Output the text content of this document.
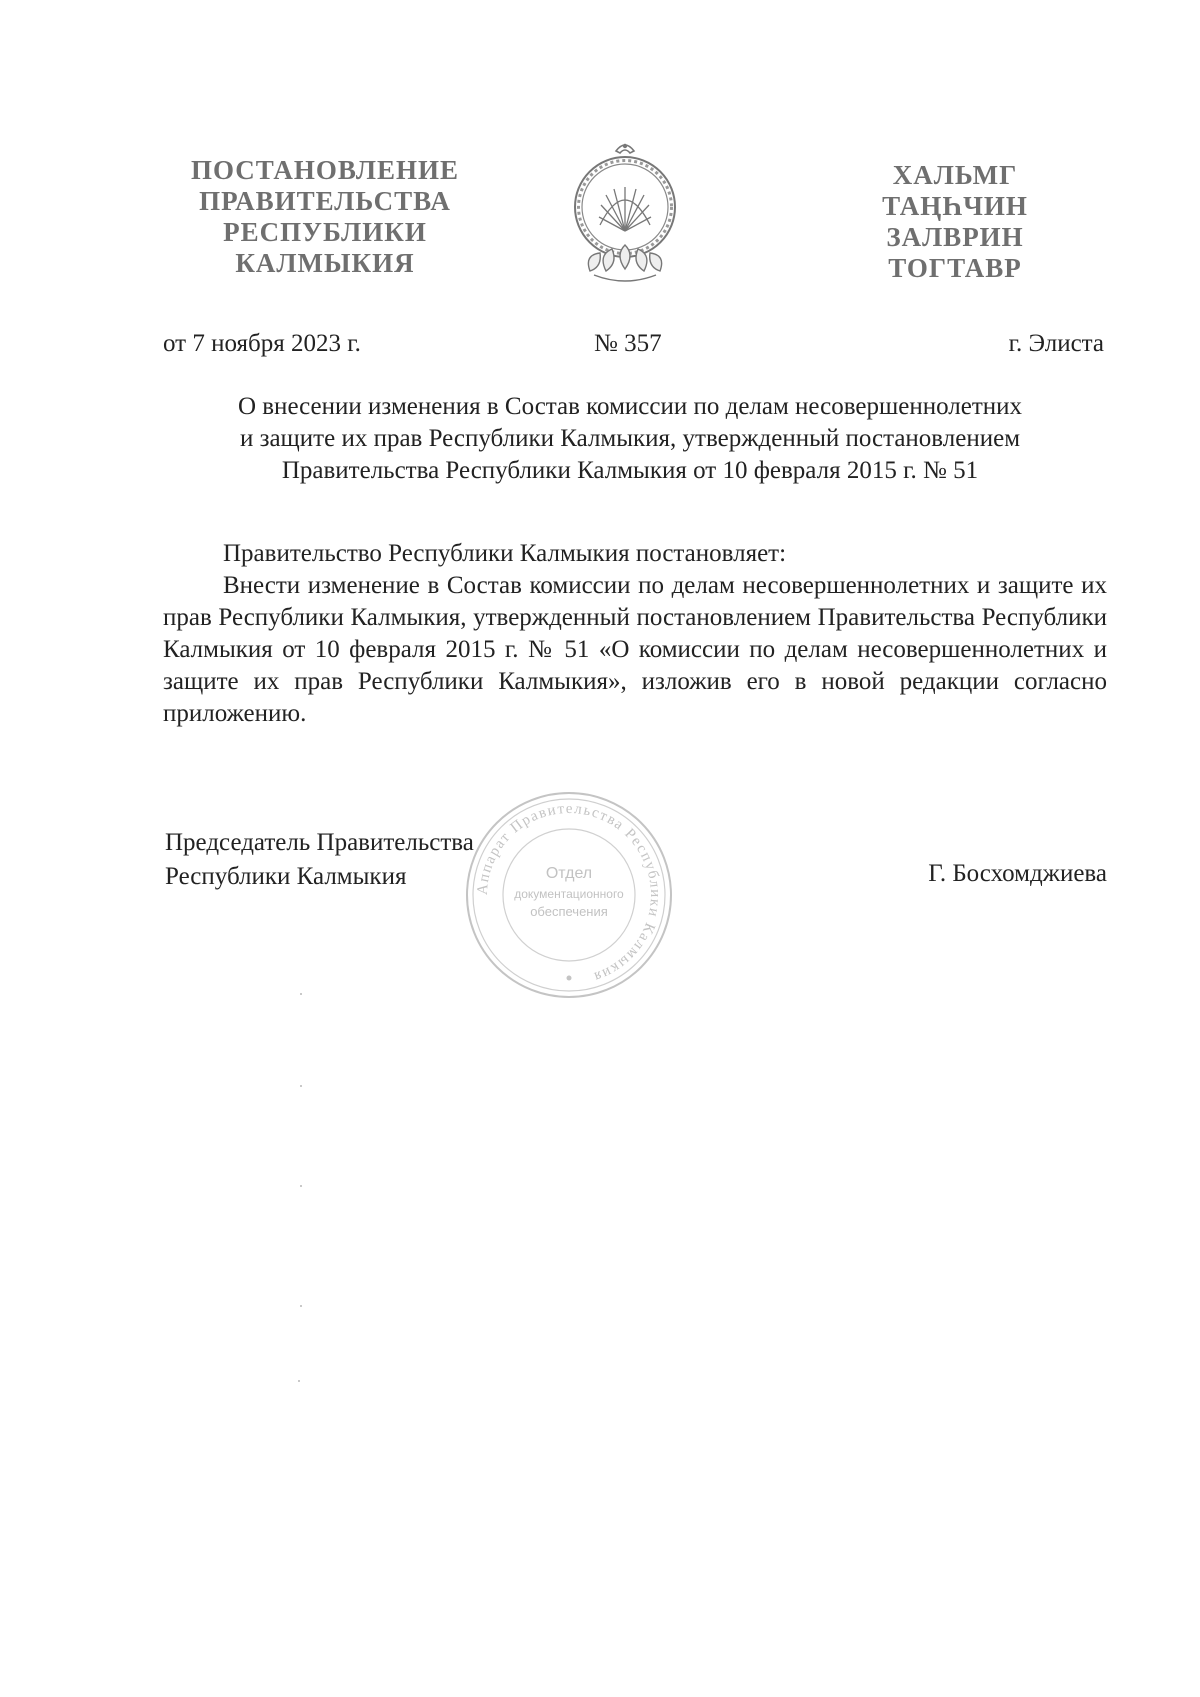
ПОСТАНОВЛЕНИЕ
ПРАВИТЕЛЬСТВА
РЕСПУБЛИКИ
КАЛМЫКИЯ
ХАЛЬМГ
ТАҢҺЧИН
ЗАЛВРИН
ТОГТАВР
от 7 ноября 2023 г.	№ 357	г. Элиста
О внесении изменения в Состав комиссии по делам несовершеннолетних
и защите их прав Республики Калмыкия, утвержденный постановлением
Правительства Республики Калмыкия от 10 февраля 2015 г. № 51

Правительство Республики Калмыкия постановляет:

Внести изменение в Состав комиссии по делам несовершеннолетних и защите их прав Республики Калмыкия, утвержденный постановлением Правительства Республики Калмыкия от 10 февраля 2015 г. № 51 «О комиссии по делам несовершеннолетних и защите их прав Республики Калмыкия», изложив его в новой редакции согласно приложению.

Аппарат Правительства Республики Калмыкия
Отдел
документационного
обеспечения
Председатель Правительства
Республики Калмыкия	Г. Босхомджиева
